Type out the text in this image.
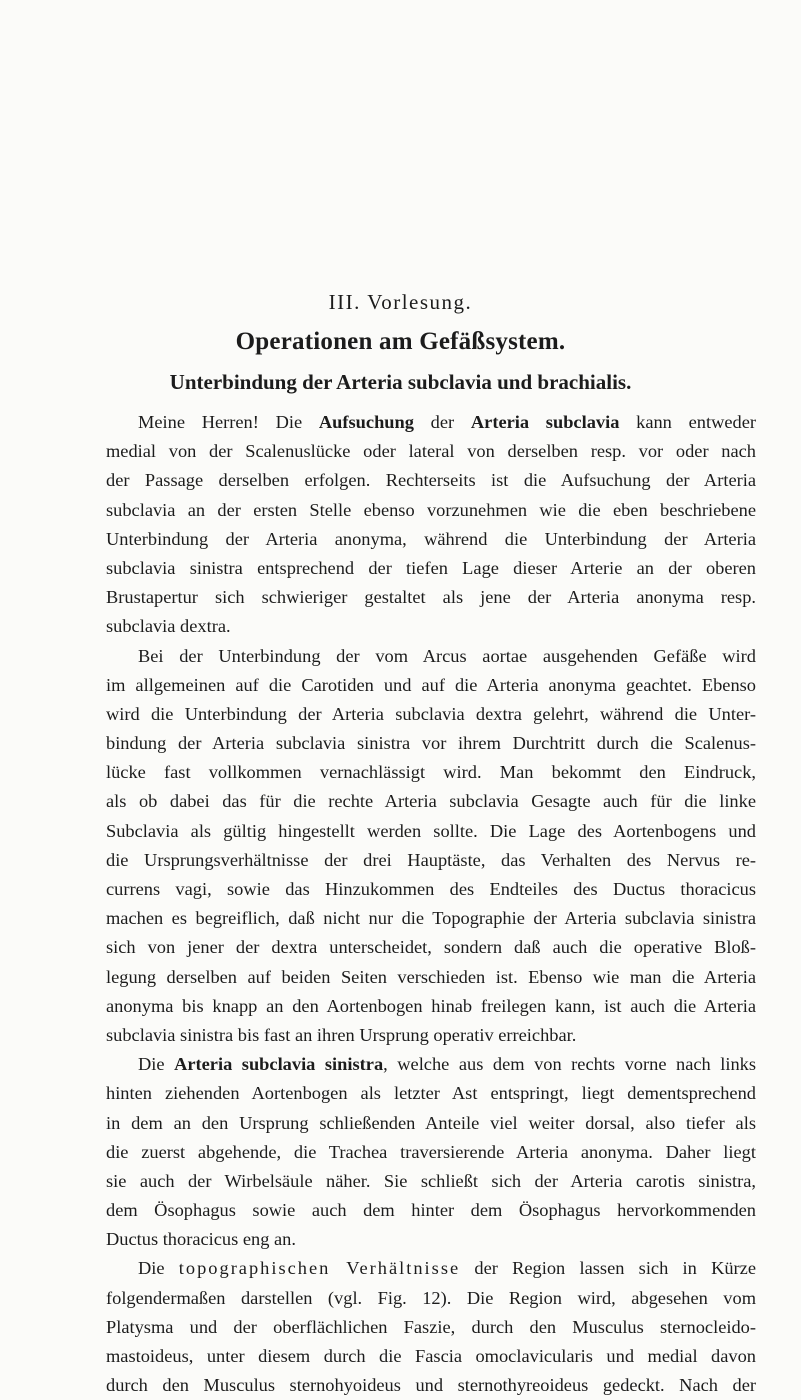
III. Vorlesung.
Operationen am Gefäßsystem.
Unterbindung der Arteria subclavia und brachialis.
Meine Herren! Die Aufsuchung der Arteria subclavia kann entweder
medial von der Scalenuslücke oder lateral von derselben resp. vor oder nach
der Passage derselben erfolgen. Rechterseits ist die Aufsuchung der Arteria
subclavia an der ersten Stelle ebenso vorzunehmen wie die eben beschriebene
Unterbindung der Arteria anonyma, während die Unterbindung der Arteria
subclavia sinistra entsprechend der tiefen Lage dieser Arterie an der oberen
Brustapertur sich schwieriger gestaltet als jene der Arteria anonyma resp.
subclavia dextra.
Bei der Unterbindung der vom Arcus aortae ausgehenden Gefäße wird
im allgemeinen auf die Carotiden und auf die Arteria anonyma geachtet. Ebenso
wird die Unterbindung der Arteria subclavia dextra gelehrt, während die Unter-
bindung der Arteria subclavia sinistra vor ihrem Durchtritt durch die Scalenus-
lücke fast vollkommen vernachlässigt wird. Man bekommt den Eindruck,
als ob dabei das für die rechte Arteria subclavia Gesagte auch für die linke
Subclavia als gültig hingestellt werden sollte. Die Lage des Aortenbogens und
die Ursprungsverhältnisse der drei Hauptäste, das Verhalten des Nervus re-
currens vagi, sowie das Hinzukommen des Endteiles des Ductus thoracicus
machen es begreiflich, daß nicht nur die Topographie der Arteria subclavia sinistra
sich von jener der dextra unterscheidet, sondern daß auch die operative Bloß-
legung derselben auf beiden Seiten verschieden ist. Ebenso wie man die Arteria
anonyma bis knapp an den Aortenbogen hinab freilegen kann, ist auch die Arteria
subclavia sinistra bis fast an ihren Ursprung operativ erreichbar.
Die Arteria subclavia sinistra, welche aus dem von rechts vorne nach links
hinten ziehenden Aortenbogen als letzter Ast entspringt, liegt dementsprechend
in dem an den Ursprung schließenden Anteile viel weiter dorsal, also tiefer als
die zuerst abgehende, die Trachea traversierende Arteria anonyma. Daher liegt
sie auch der Wirbelsäule näher. Sie schließt sich der Arteria carotis sinistra,
dem Ösophagus sowie auch dem hinter dem Ösophagus hervorkommenden
Ductus thoracicus eng an.
Die topographischen Verhältnisse der Region lassen sich in Kürze
folgendermaßen darstellen (vgl. Fig. 12). Die Region wird, abgesehen vom
Platysma und der oberflächlichen Faszie, durch den Musculus sternocleido-
mastoideus, unter diesem durch die Fascia omoclavicularis und medial davon
durch den Musculus sternohyoideus und sternothyreoideus gedeckt. Nach der
